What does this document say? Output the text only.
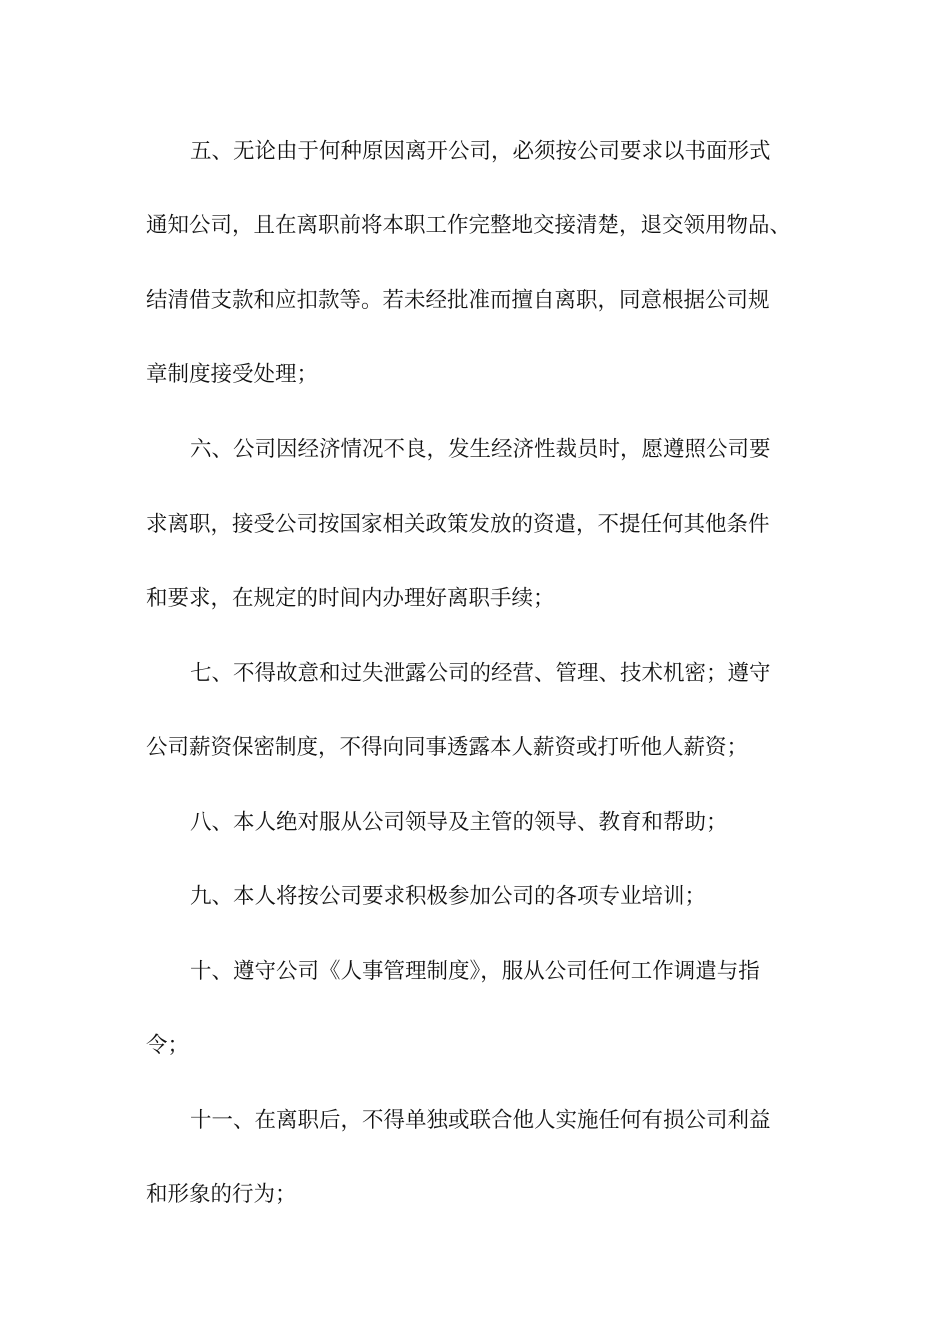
五、无论由于何种原因离开公司，必须按公司要求以书面形式
通知公司，且在离职前将本职工作完整地交接清楚，退交领用物品、
结清借支款和应扣款等。若未经批准而擅自离职，同意根据公司规
章制度接受处理；
六、公司因经济情况不良，发生经济性裁员时，愿遵照公司要
求离职，接受公司按国家相关政策发放的资遣，不提任何其他条件
和要求，在规定的时间内办理好离职手续；
七、不得故意和过失泄露公司的经营、管理、技术机密；遵守
公司薪资保密制度，不得向同事透露本人薪资或打听他人薪资；
八、本人绝对服从公司领导及主管的领导、教育和帮助；
九、本人将按公司要求积极参加公司的各项专业培训；
十、遵守公司《人事管理制度》，服从公司任何工作调遣与指
令；
十一、在离职后，不得单独或联合他人实施任何有损公司利益
和形象的行为；
